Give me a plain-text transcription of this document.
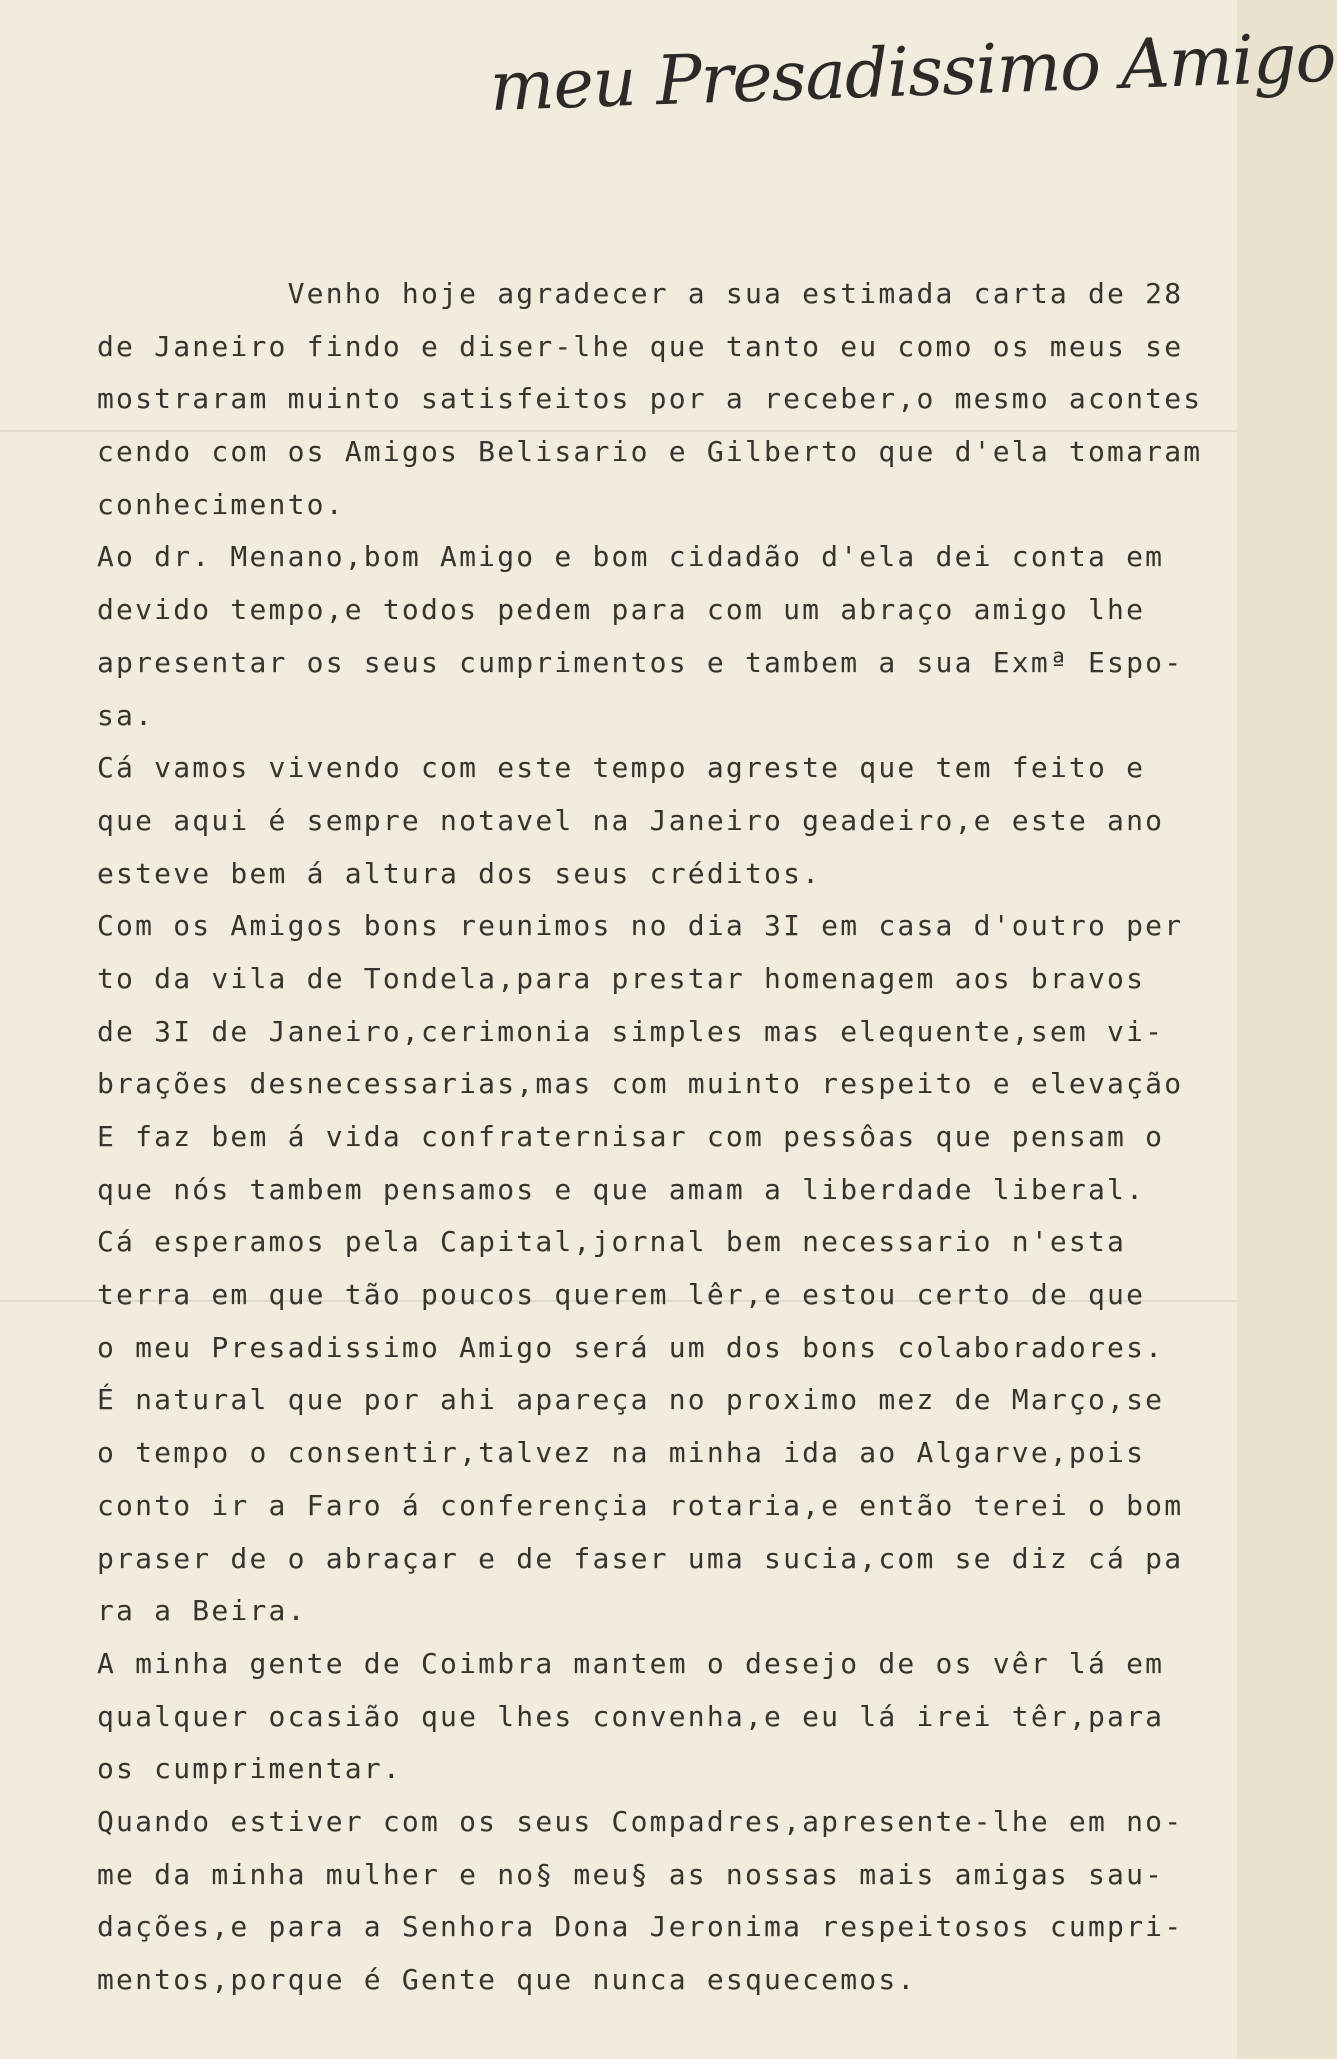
meu Presadissimo Amigo
Venho hoje agradecer a sua estimada carta de 28
de Janeiro findo e diser-lhe que tanto eu como os meus se
mostraram muinto satisfeitos por a receber,o mesmo acontes
cendo com os Amigos Belisario e Gilberto que d'ela tomaram
conhecimento.
Ao dr. Menano,bom Amigo e bom cidadão d'ela dei conta em
devido tempo,e todos pedem para com um abraço amigo lhe
apresentar os seus cumprimentos e tambem a sua Exmª Espo-
sa.
Cá vamos vivendo com este tempo agreste que tem feito e
que aqui é sempre notavel na Janeiro geadeiro,e este ano
esteve bem á altura dos seus créditos.
Com os Amigos bons reunimos no dia 3I em casa d'outro per
to da vila de Tondela,para prestar homenagem aos bravos
de 3I de Janeiro,cerimonia simples mas elequente,sem vi-
brações desnecessarias,mas com muinto respeito e elevação
E faz bem á vida confraternisar com pessôas que pensam o
que nós tambem pensamos e que amam a liberdade liberal.
Cá esperamos pela Capital,jornal bem necessario n'esta
terra em que tão poucos querem lêr,e estou certo de que
o meu Presadissimo Amigo será um dos bons colaboradores.
É natural que por ahi apareça no proximo mez de Março,se
o tempo o consentir,talvez na minha ida ao Algarve,pois
conto ir a Faro á conferençia rotaria,e então terei o bom
praser de o abraçar e de faser uma sucia,com se diz cá pa
ra a Beira.
A minha gente de Coimbra mantem o desejo de os vêr lá em
qualquer ocasião que lhes convenha,e eu lá irei têr,para
os cumprimentar.
Quando estiver com os seus Compadres,apresente-lhe em no-
me da minha mulher e no§ meu§ as nossas mais amigas sau-
dações,e para a Senhora Dona Jeronima respeitosos cumpri-
mentos,porque é Gente que nunca esquecemos.
